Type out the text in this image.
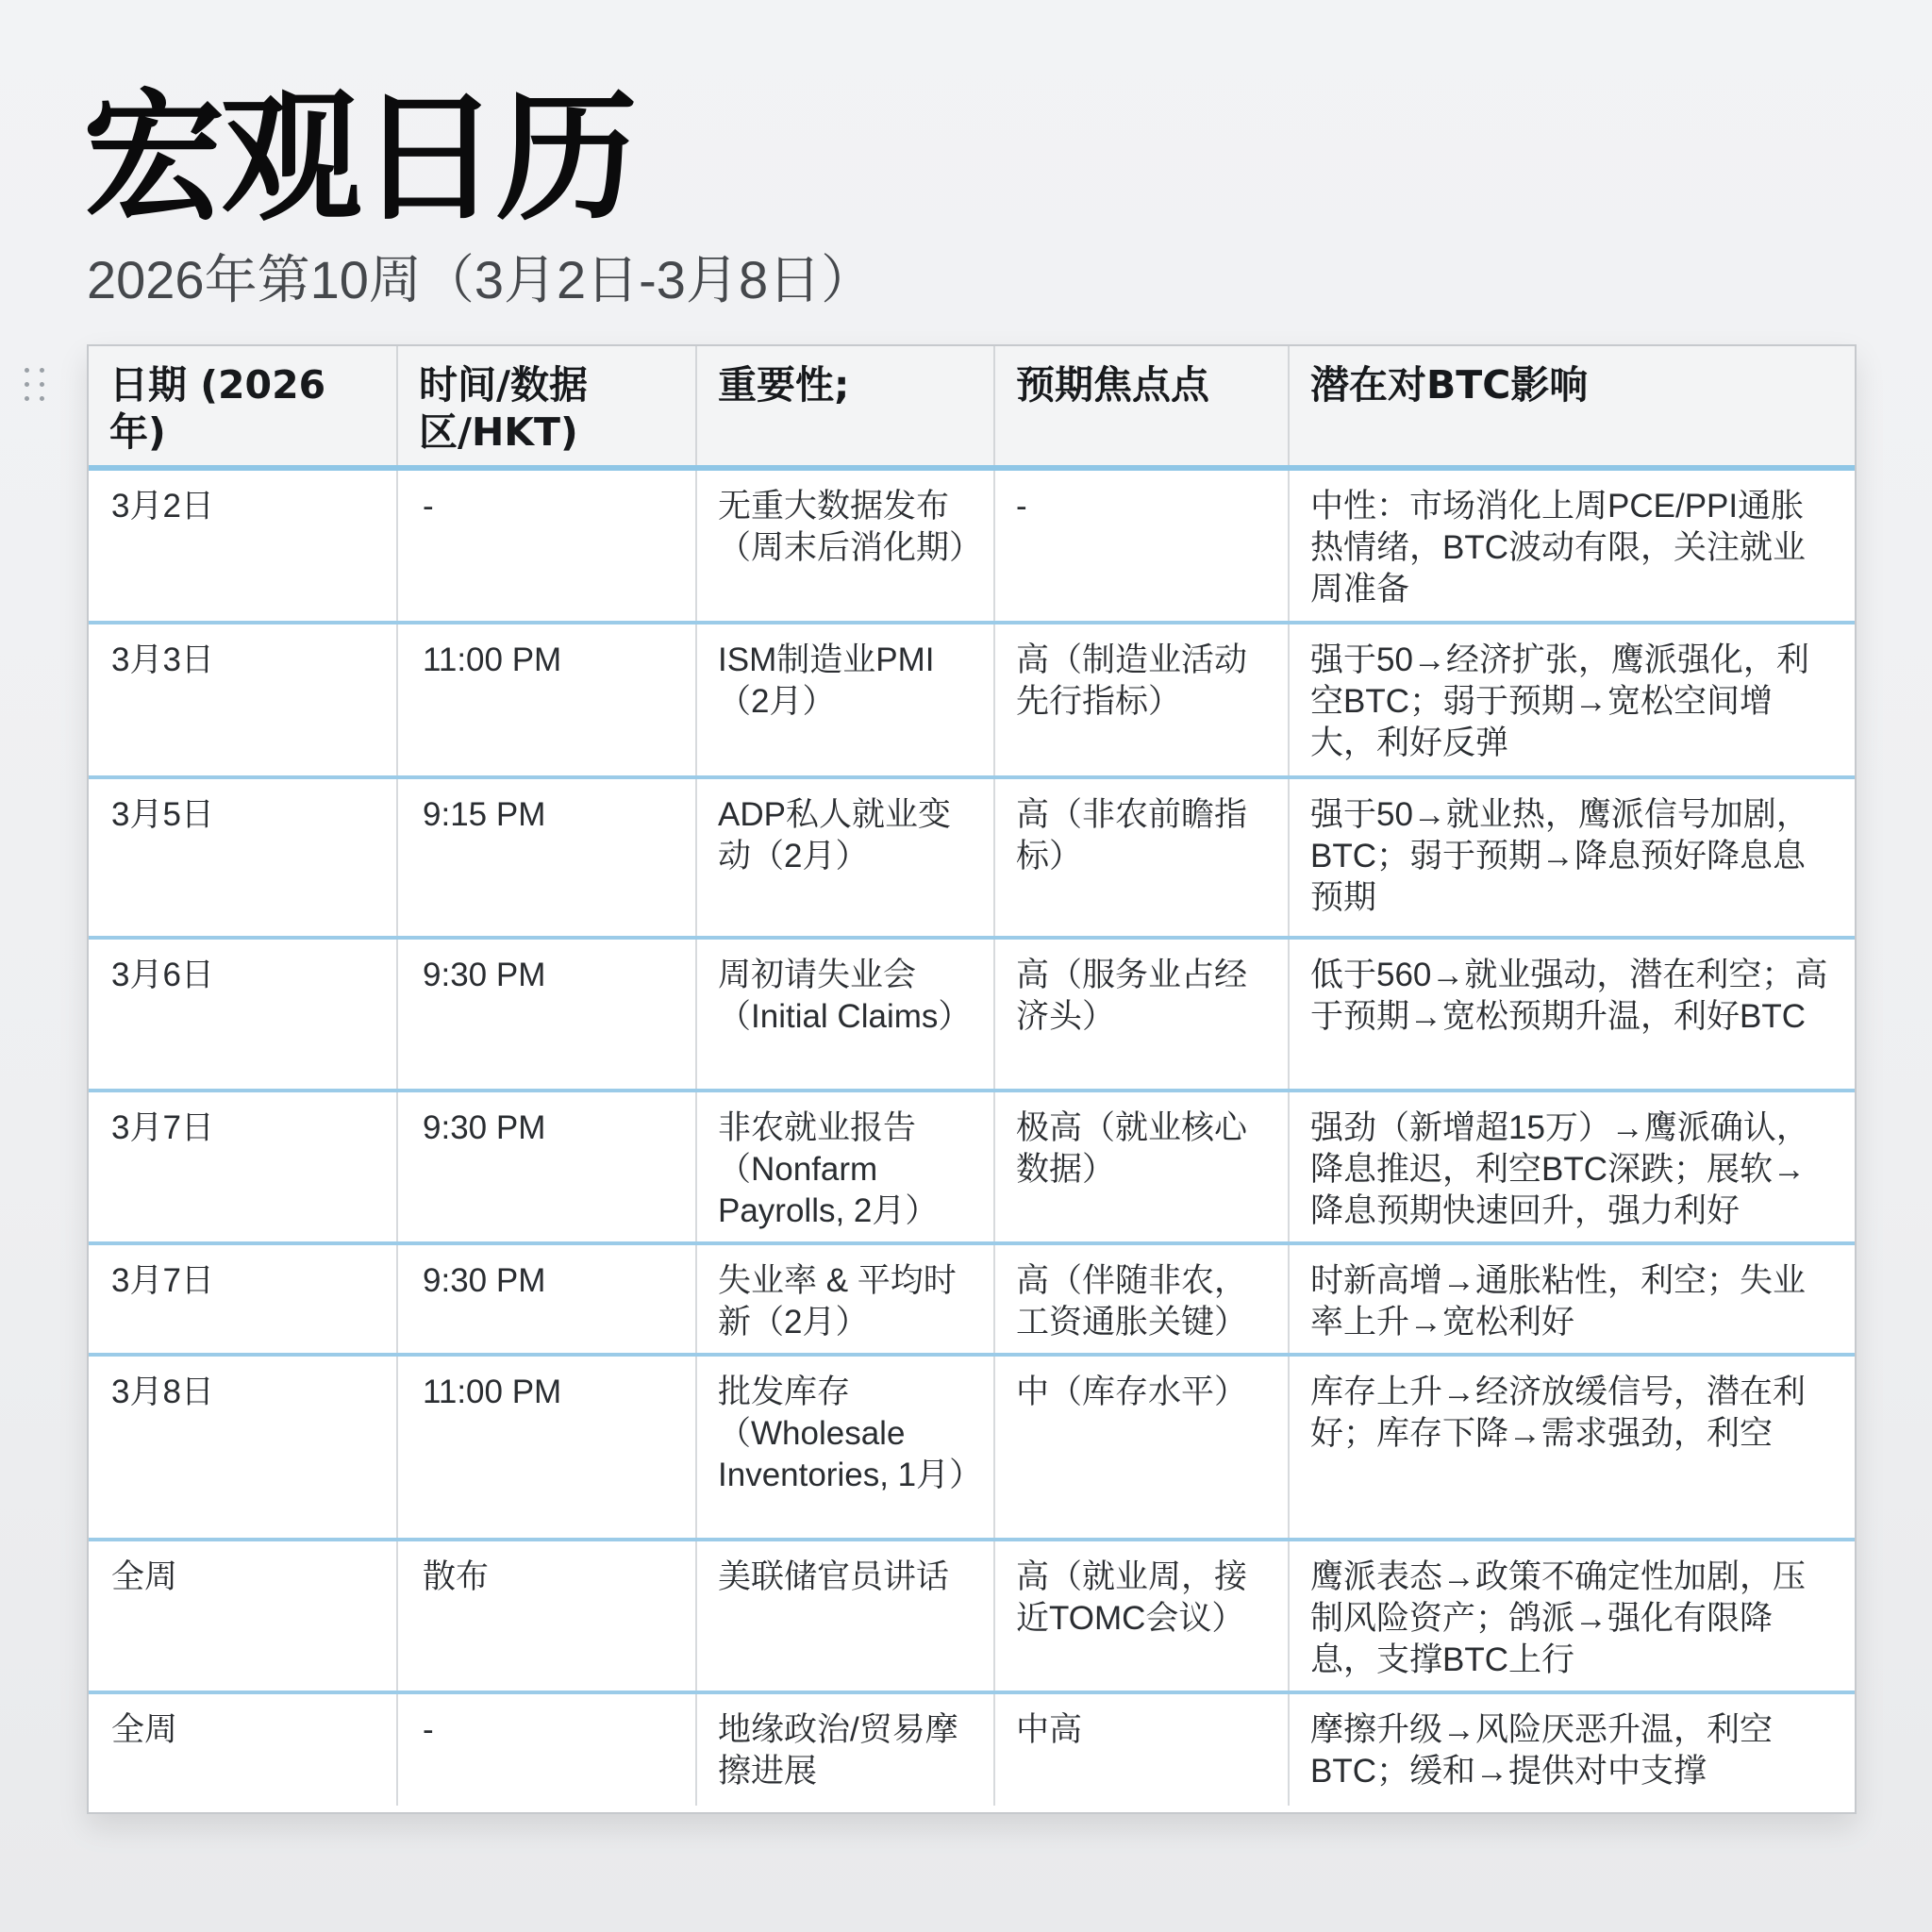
宏观日历

2026年第10周（3月2日-3月8日）

日期 (2026年)	时间/数据区/HKT)	重要性;	预期焦点点	潜在对BTC影响
3月2日	-	无重大数据发布（周末后消化期）	-	中性：市场消化上周PCE/PPI通胀热情绪，BTC波动有限，关注就业周准备
3月3日	11:00 PM	ISM制造业PMI（2月）	高（制造业活动先行指标）	强于50→经济扩张，鹰派强化，利空BTC；弱于预期→宽松空间增大，利好反弹
3月5日	9:15 PM	ADP私人就业变动（2月）	高（非农前瞻指标）	强于50→就业热，鹰派信号加剧，BTC；弱于预期→降息预好降息息预期
3月6日	9:30 PM	周初请失业会（Initial Claims）	高（服务业占经济头）	低于560→就业强动，潜在利空；高于预期→宽松预期升温，利好BTC
3月7日	9:30 PM	非农就业报告（Nonfarm Payrolls, 2月）	极高（就业核心数据）	强劲（新增超15万）→鹰派确认，降息推迟，利空BTC深跌；展软→降息预期快速回升，强力利好
3月7日	9:30 PM	失业率 & 平均时新（2月）	高（伴随非农，工资通胀关键）	时新高增→通胀粘性，利空；失业率上升→宽松利好
3月8日	11:00 PM	批发库存（Wholesale Inventories, 1月）	中（库存水平）	库存上升→经济放缓信号，潜在利好；库存下降→需求强劲，利空
全周	散布	美联储官员讲话	高（就业周，接近TOMC会议）	鹰派表态→政策不确定性加剧，压制风险资产；鸽派→强化有限降息，支撑BTC上行
全周	-	地缘政治/贸易摩擦进展	中高	摩擦升级→风险厌恶升温，利空BTC；缓和→提供对中支撑
